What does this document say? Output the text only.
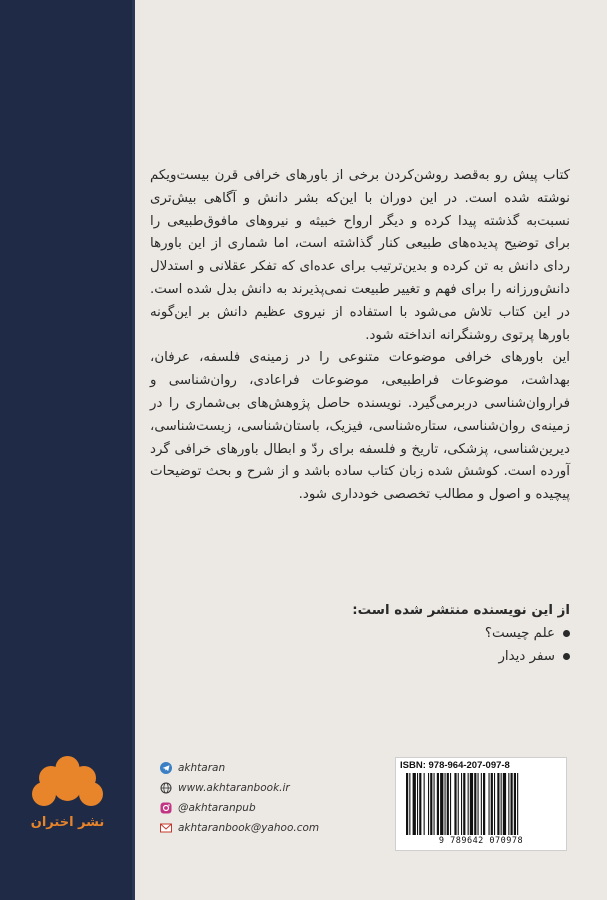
کتاب پیش رو به‌قصد روشن‌کردن برخی از باورهای خرافی قرن بیست‌ویکم نوشته شده است. در این دوران با این‌که بشر دانش و آگاهی بیش‌تری نسبت‌به گذشته پیدا کرده و دیگر ارواح خبیثه و نیروهای مافوق‌طبیعی را برای توضیح پدیده‌های طبیعی کنار گذاشته است، اما شماری از این باورها ردای دانش به تن کرده و بدین‌ترتیب برای عده‌ای که تفکر عقلانی و استدلال دانش‌ورزانه را برای فهم و تغییر طبیعت نمی‌پذیرند به دانش بدل شده است. در این کتاب تلاش می‌شود با استفاده از نیروی عظیم دانش بر این‌گونه باورها پرتوی روشنگرانه انداخته شود.

این باورهای خرافی موضوعات متنوعی را در زمینه‌ی فلسفه، عرفان، بهداشت، موضوعات فراطبیعی، موضوعات فراعادی، روان‌شناسی و فراروان‌شناسی دربرمی‌گیرد. نویسنده حاصل پژوهش‌های بی‌شماری را در زمینه‌ی روان‌شناسی، ستاره‌شناسی، فیزیک، باستان‌شناسی، زیست‌شناسی، دیرین‌شناسی، پزشکی، تاریخ و فلسفه برای ردّ و ابطال باورهای خرافی گرد آورده است. کوشش شده زبان کتاب ساده باشد و از شرح و بحث توضیحات پیچیده و اصول و مطالب تخصصی خودداری شود.

از این نویسنده منتشر شده است:
علم چیست؟
سفر دیدار
نشر اختران
akhtaran
www.akhtaranbook.ir
@akhtaranpub
akhtaranbook@yahoo.com
ISBN: 978-964-207-097-8
9 789642 070978
